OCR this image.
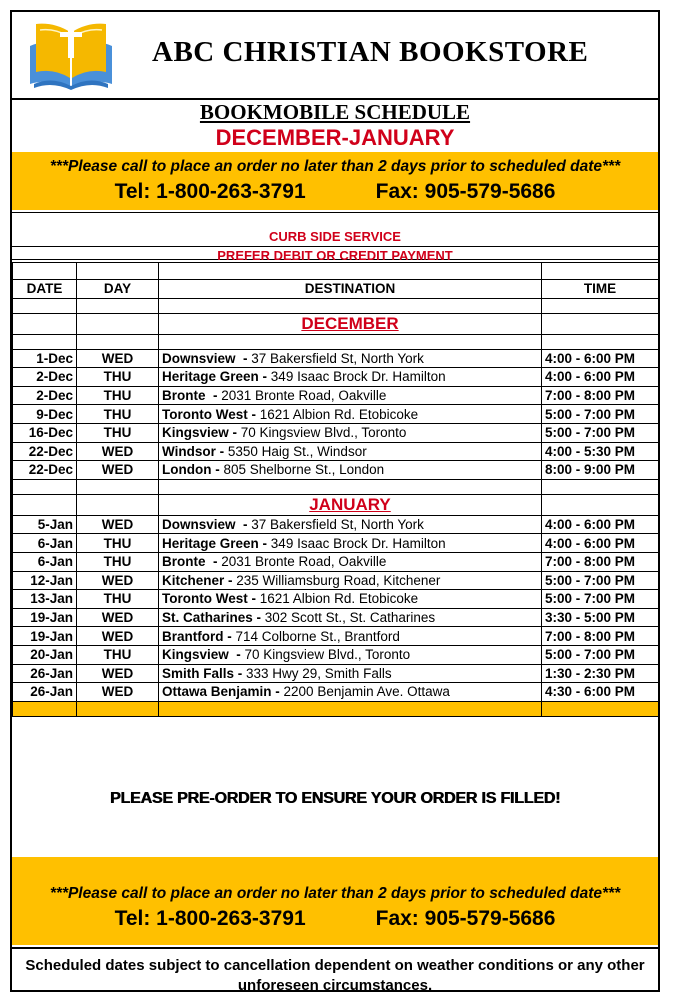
ABC CHRISTIAN BOOKSTORE
BOOKMOBILE SCHEDULE
DECEMBER-JANUARY
***Please call to place an order no later than 2 days prior to scheduled date***
Tel: 1-800-263-3791	Fax: 905-579-5686
CURB SIDE SERVICE
PREFER DEBIT OR CREDIT PAYMENT

DATE	DAY	DESTINATION	TIME

		DECEMBER	

1-Dec	WED	Downsview  - 37 Bakersfield St, North York	4:00 - 6:00 PM
2-Dec	THU	Heritage Green - 349 Isaac Brock Dr. Hamilton	4:00 - 6:00 PM
2-Dec	THU	Bronte  - 2031 Bronte Road, Oakville	7:00 - 8:00 PM
9-Dec	THU	Toronto West - 1621 Albion Rd. Etobicoke	5:00 - 7:00 PM
16-Dec	THU	Kingsview - 70 Kingsview Blvd., Toronto	5:00 - 7:00 PM
22-Dec	WED	Windsor - 5350 Haig St., Windsor	4:00 - 5:30 PM
22-Dec	WED	London - 805 Shelborne St., London	8:00 - 9:00 PM

		JANUARY	
5-Jan	WED	Downsview  - 37 Bakersfield St, North York	4:00 - 6:00 PM
6-Jan	THU	Heritage Green - 349 Isaac Brock Dr. Hamilton	4:00 - 6:00 PM
6-Jan	THU	Bronte  - 2031 Bronte Road, Oakville	7:00 - 8:00 PM
12-Jan	WED	Kitchener - 235 Williamsburg Road, Kitchener	5:00 - 7:00 PM
13-Jan	THU	Toronto West - 1621 Albion Rd. Etobicoke	5:00 - 7:00 PM
19-Jan	WED	St. Catharines - 302 Scott St., St. Catharines	3:30 - 5:00 PM
19-Jan	WED	Brantford - 714 Colborne St., Brantford	7:00 - 8:00 PM
20-Jan	THU	Kingsview  - 70 Kingsview Blvd., Toronto	5:00 - 7:00 PM
26-Jan	WED	Smith Falls - 333 Hwy 29, Smith Falls	1:30 - 2:30 PM
26-Jan	WED	Ottawa Benjamin - 2200 Benjamin Ave. Ottawa	4:30 - 6:00 PM

PLEASE PRE-ORDER TO ENSURE YOUR ORDER IS FILLED!
***Please call to place an order no later than 2 days prior to scheduled date***
Tel: 1-800-263-3791	Fax: 905-579-5686
Scheduled dates subject to cancellation dependent on weather conditions or any other unforeseen circumstances.
